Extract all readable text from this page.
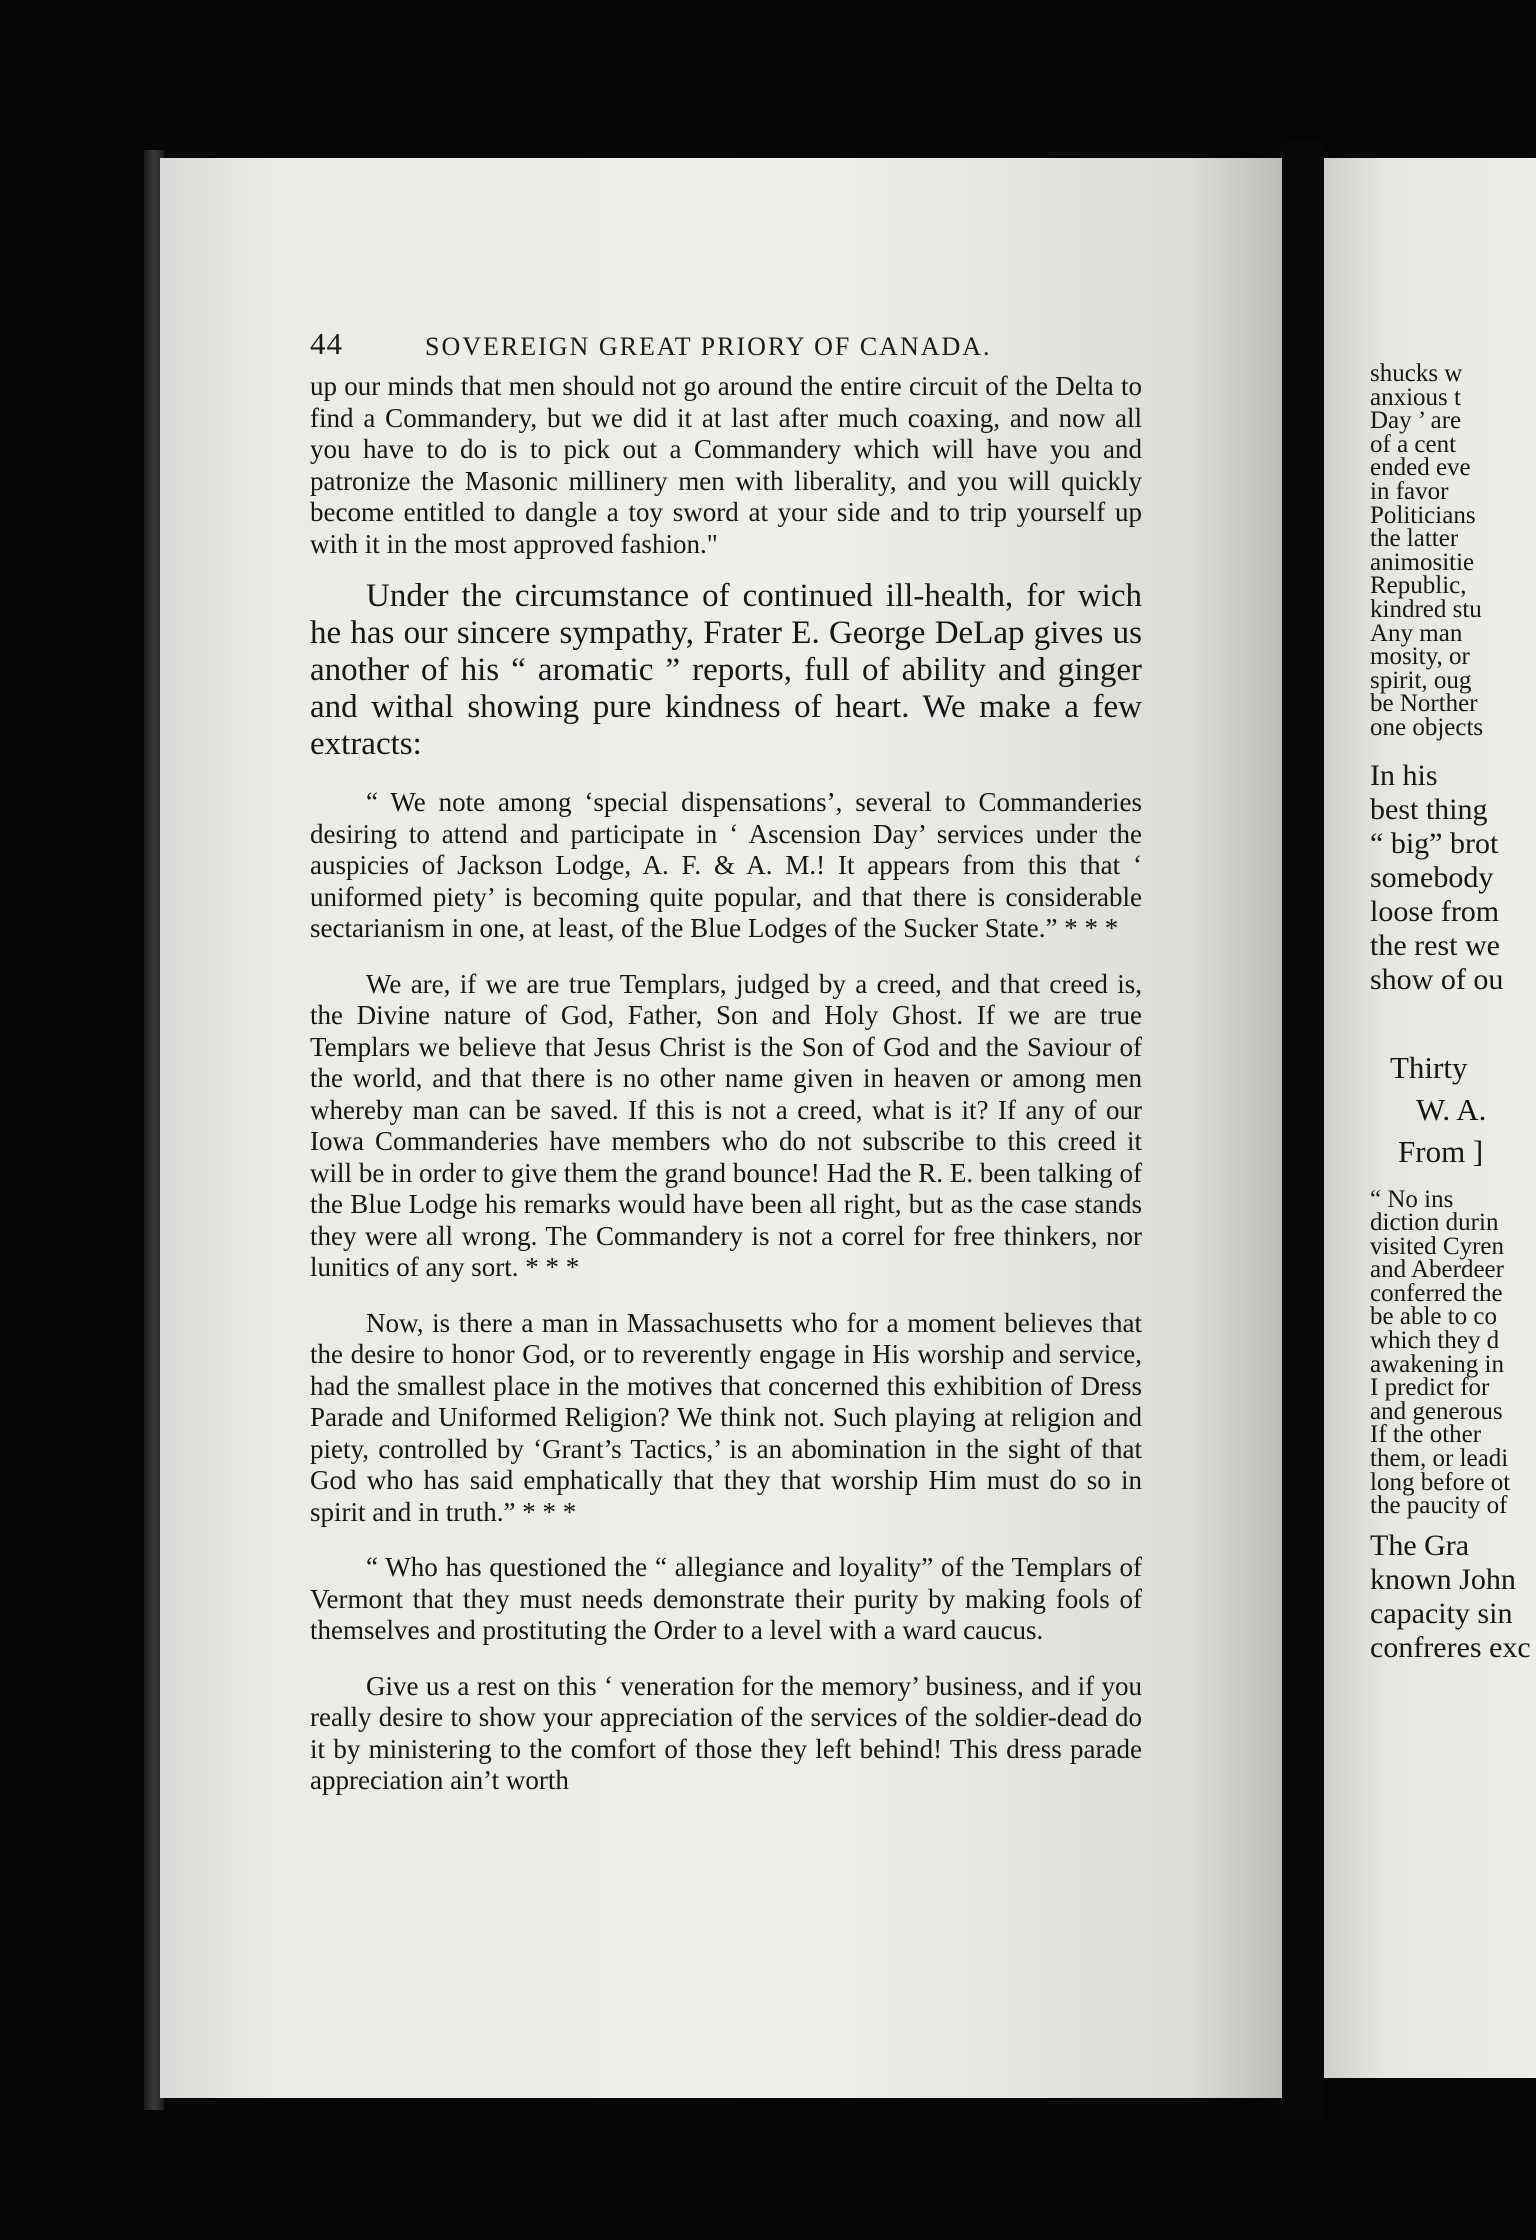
44	SOVEREIGN GREAT PRIORY OF CANADA.

up our minds that men should not go around the entire circuit of the Delta to find a Commandery, but we did it at last after much coaxing, and now all you have to do is to pick out a Commandery which will have you and patronize the Masonic millinery men with liberality, and you will quickly become entitled to dangle a toy sword at your side and to trip yourself up with it in the most approved fashion."

Under the circumstance of continued ill-health, for wich he has our sincere sympathy, Frater E. George DeLap gives us another of his “ aromatic ” reports, full of ability and ginger and withal showing pure kindness of heart. We make a few extracts:

“ We note among ‘special dispensations’, several to Commanderies desiring to attend and participate in ‘ Ascension Day’ services under the auspicies of Jackson Lodge, A. F. & A. M.! It appears from this that ‘ uniformed piety’ is becoming quite popular, and that there is considerable sectarianism in one, at least, of the Blue Lodges of the Sucker State.” * * *

We are, if we are true Templars, judged by a creed, and that creed is, the Divine nature of God, Father, Son and Holy Ghost. If we are true Templars we believe that Jesus Christ is the Son of God and the Saviour of the world, and that there is no other name given in heaven or among men whereby man can be saved. If this is not a creed, what is it? If any of our Iowa Commanderies have members who do not subscribe to this creed it will be in order to give them the grand bounce! Had the R. E. been talking of the Blue Lodge his remarks would have been all right, but as the case stands they were all wrong. The Commandery is not a correl for free thinkers, nor lunitics of any sort. * * *

Now, is there a man in Massachusetts who for a moment believes that the desire to honor God, or to reverently engage in His worship and service, had the smallest place in the motives that concerned this exhibition of Dress Parade and Uniformed Religion? We think not. Such playing at religion and piety, controlled by ‘Grant’s Tactics,’ is an abomination in the sight of that God who has said emphatically that they that worship Him must do so in spirit and in truth.” * * *

“ Who has questioned the “ allegiance and loyality” of the Templars of Vermont that they must needs demonstrate their purity by making fools of themselves and prostituting the Order to a level with a ward caucus.

Give us a rest on this ‘ veneration for the memory’ business, and if you really desire to show your appreciation of the services of the soldier-dead do it by ministering to the comfort of those they left behind! This dress parade appreciation ain’t worth

shucks w
anxious t
Day ’ are
of a cent
ended eve
in favor
Politicians
the latter
animositie
Republic,
kindred stu
Any man
mosity, or
spirit, oug
be Norther
one objects
In his
best thing
“ big” brot
somebody
loose from
the rest we
show of ou
Thirty
W. A.
From ]
“ No ins
diction durin
visited Cyren
and Aberdeer
conferred the
be able to co
which they d
awakening in
I predict for
and generous
If the other
them, or leadi
long before ot
the paucity of
The Gra
known John
capacity sin
confreres exc
